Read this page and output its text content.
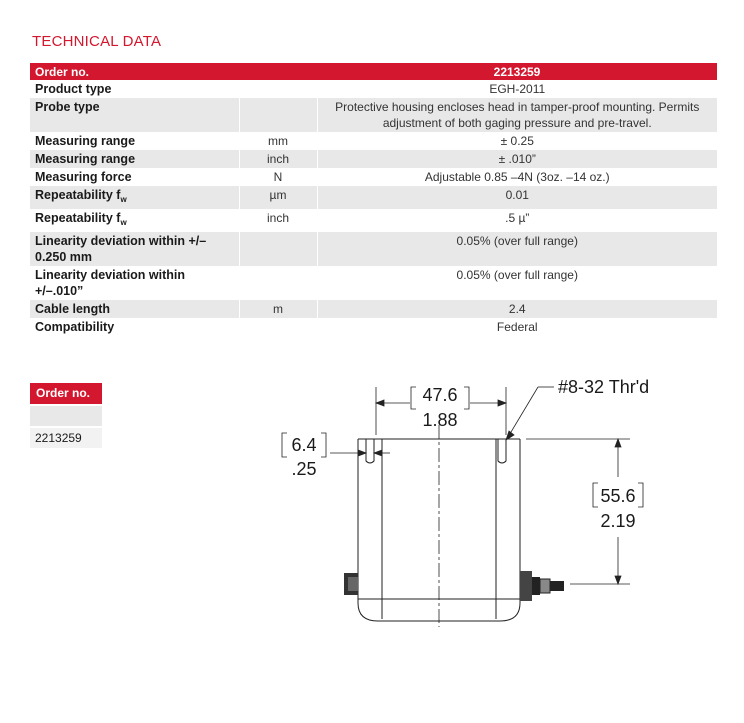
TECHNICAL DATA
Order no.		2213259
Product type		EGH-2011
Probe type		Protective housing encloses head in tamper-proof mounting. Permits adjustment of both gaging pressure and pre-travel.
Measuring range	mm	± 0.25
Measuring range	inch	± .010”
Measuring force	N	Adjustable 0.85 –4N (3oz. –14 oz.)
Repeatability $f_w$	µm	0.01
Repeatability $f_w$	inch	.5 µ”
Linearity deviation within +/–0.250 mm		0.05% (over full range)
Linearity deviation within +/–.010”		0.05% (over full range)
Cable length	m	2.4
Compatibility		Federal
Order no.
2213259
47.6
1.88
#8-32 Thr'd
6.4
.25
55.6
2.19
